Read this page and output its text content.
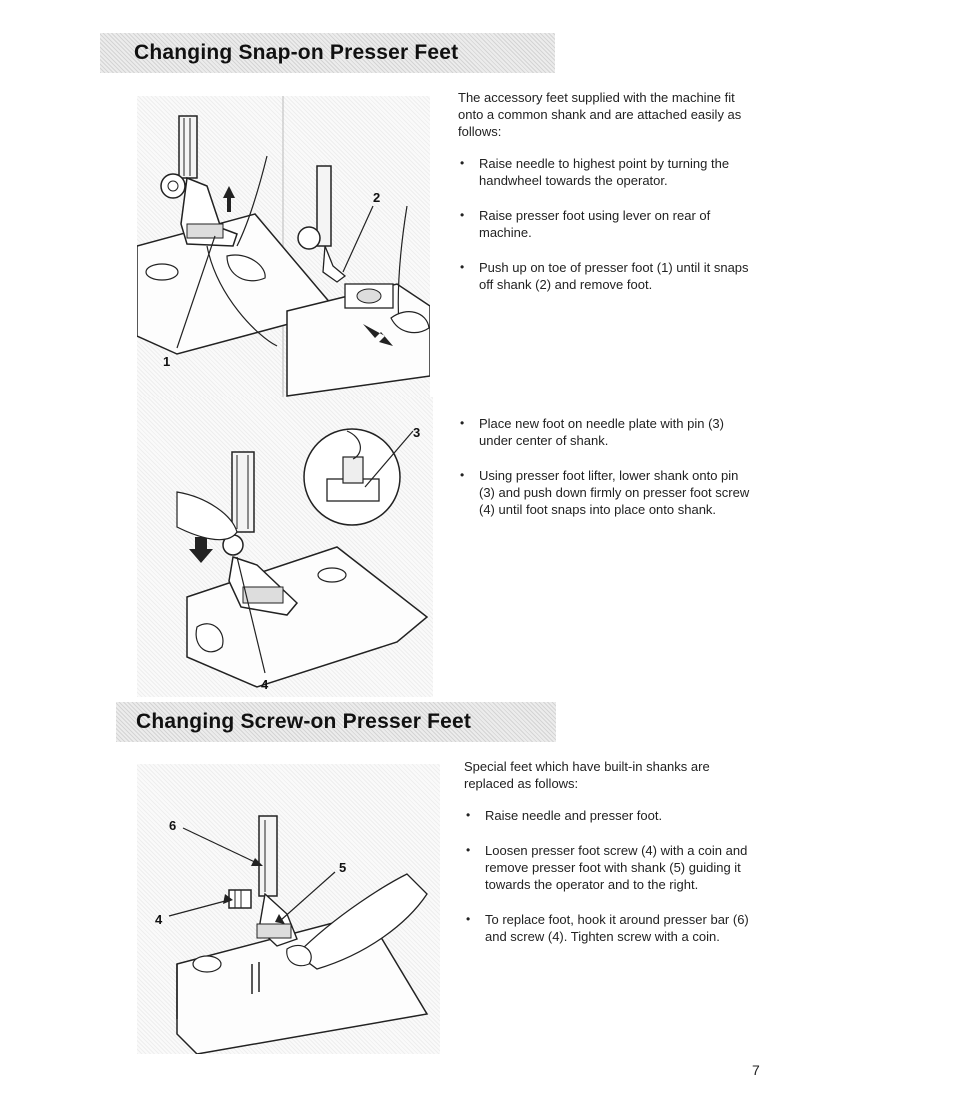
Changing Snap-on Presser Feet
1
2

The accessory feet supplied with the machine fit onto a common shank and are attached easily as follows:

• Raise needle to highest point by turning the handwheel towards the operator.
• Raise presser foot using lever on rear of machine.
• Push up on toe of presser foot (1) until it snaps off shank (2) and remove foot.
3
4
• Place new foot on needle plate with pin (3) under center of shank.
• Using presser foot lifter, lower shank onto pin (3) and push down firmly on presser foot screw (4) until foot snaps into place onto shank.
Changing Screw-on Presser Feet
6
5
4

Special feet which have built-in shanks are replaced as follows:

• Raise needle and presser foot.
• Loosen presser foot screw (4) with a coin and remove presser foot with shank (5) guiding it towards the operator and to the right.
• To replace foot, hook it around presser bar (6) and screw (4). Tighten screw with a coin.
7
